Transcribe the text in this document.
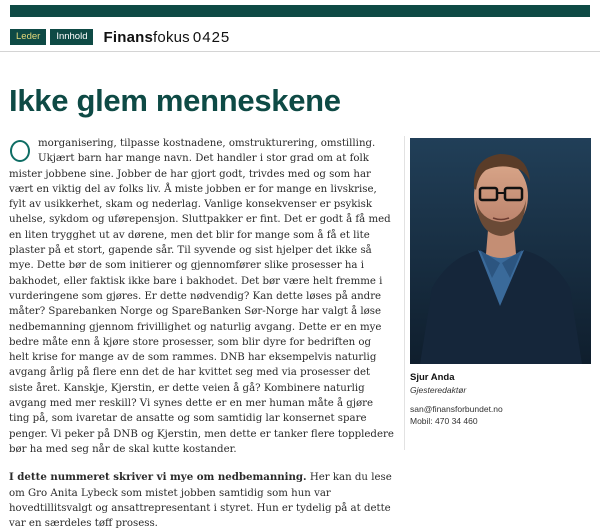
Leder	Innhold	Finansfokus 0425
Ikke glem menneskene

morganisering, tilpasse kostnadene, omstrukturering, omstilling. Ukjært barn har mange navn. Det handler i stor grad om at folk mister jobbene sine. Jobber de har gjort godt, trivdes med og som har vært en viktig del av folks liv. Å miste jobben er for mange en livskrise, fylt av usikkerhet, skam og nederlag. Vanlige konsekvenser er psykisk uhelse, sykdom og uførepensjon. Sluttpakker er fint. Det er godt å få med en liten trygghet ut av dørene, men det blir for mange som å få et lite plaster på et stort, gapende sår. Til syvende og sist hjelper det ikke så mye. Dette bør de som initierer og gjennomfører slike prosesser ha i bakhodet, eller faktisk ikke bare i bakhodet. Det bør være helt fremme i vurderingene som gjøres. Er dette nødvendig? Kan dette løses på andre måter? Sparebanken Norge og SpareBanken Sør-Norge har valgt å løse nedbemanning gjennom frivillighet og naturlig avgang. Dette er en mye bedre måte enn å kjøre store prosesser, som blir dyre for bedriften og helt krise for mange av de som rammes. DNB har eksempelvis naturlig avgang årlig på flere enn det de har kvittet seg med via prosesser det siste året. Kanskje, Kjerstin, er dette veien å gå? Kombinere naturlig avgang med mer reskill? Vi synes dette er en mer human måte å gjøre ting på, som ivaretar de ansatte og som samtidig lar konsernet spare penger. Vi peker på DNB og Kjerstin, men dette er tanker flere toppledere bør ha med seg når de skal kutte kostander.

I dette nummeret skriver vi mye om nedbemanning. Her kan du lese om Gro Anita Lybeck som mistet jobben samtidig som hun var hovedtillitsvalgt og ansattrepresentant i styret. Hun er tydelig på at dette var en særdeles tøff prosess.

Sjur Anda
Gjesteredaktør
san@finansforbundet.no
Mobil: 470 34 460
